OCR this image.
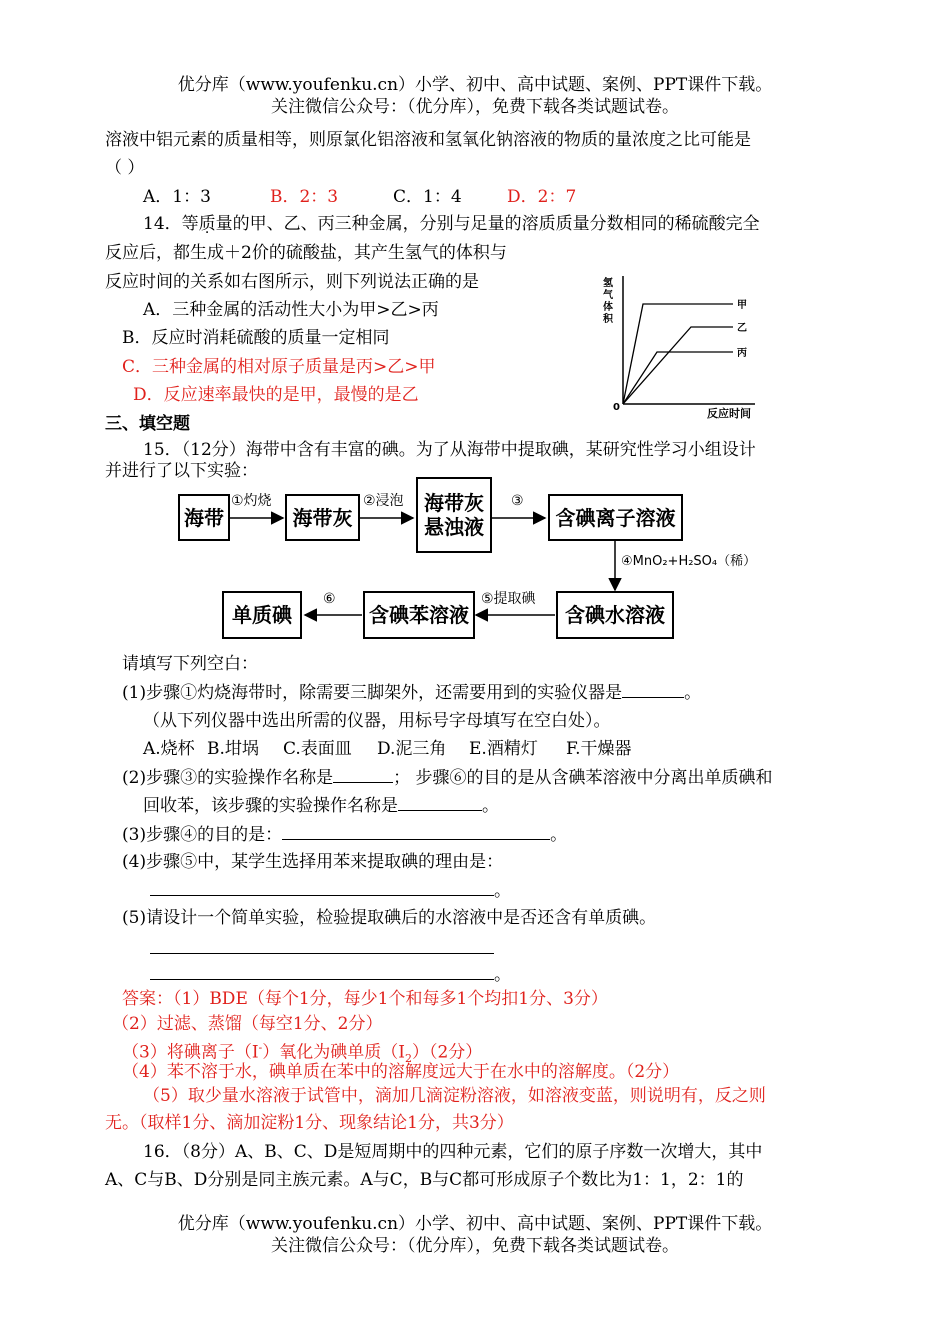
优分库（www.youfenku.cn）小学、初中、高中试题、案例、PPT课件下载。
关注微信公众号：（优分库），免费下载各类试题试卷。
溶液中铝元素的质量相等，则原氯化铝溶液和氢氧化钠溶液的物质的量浓度之比可能是
（ ）
A．1：3	B．2：3	C．1：4	D．2：7
14．等质量的甲、乙、丙三种金属，分别与足量的溶质质量分数相同的稀硫酸完全
反应后，都生成＋2价的硫酸盐，其产生氢气的体积与
反应时间的关系如右图所示，则下列说法正确的是
A．三种金属的活动性大小为甲>乙>丙
B．反应时消耗硫酸的质量一定相同
C．三种金属的相对原子质量是丙>乙>甲
D．反应速率最快的是甲，最慢的是乙
氢
气
体
积
0	反应时间
甲
乙
丙
三、填空题
15．（12分）海带中含有丰富的碘。为了从海带中提取碘，某研究性学习小组设计
并进行了以下实验：
海带
①灼烧
海带灰
②浸泡 海带灰
悬浊液
③
含碘离子溶液
④MnO₂+H₂SO₄（稀）
含碘水溶液
⑤提取碘
含碘苯溶液
⑥
单质碘
请填写下列空白：
(1)步骤①灼烧海带时，除需要三脚架外，还需要用到的实验仪器是	。
（从下列仪器中选出所需的仪器，用标号字母填写在空白处）。
A.烧杯 B.坩埚 C.表面皿 D.泥三角 E.酒精灯 F.干燥器
(2)步骤③的实验操作名称是	； 步骤⑥的目的是从含碘苯溶液中分离出单质碘和
回收苯，该步骤的实验操作名称是	。
(3)步骤④的目的是：	。
(4)步骤⑤中，某学生选择用苯来提取碘的理由是：
。
(5)请设计一个简单实验，检验提取碘后的水溶液中是否还含有单质碘。
。
答案：（1）BDE（每个1分，每少1个和每多1个均扣1分、3分）
（2）过滤、蒸馏（每空1分、2分）
（3）将碘离子（I-）氧化为碘单质$(I_2)(2$分）
（4）苯不溶于水，碘单质在苯中的溶解度远大于在水中的溶解度。（2分）
（5）取少量水溶液于试管中，滴加几滴淀粉溶液，如溶液变蓝，则说明有，反之则
无。（取样1分、滴加淀粉1分、现象结论1分，共3分）
16．（8分）A、B、C、D是短周期中的四种元素，它们的原子序数一次增大，其中
A、C与B、D分别是同主族元素。A与C，B与C都可形成原子个数比为1：1，2：1的
优分库（www.youfenku.cn）小学、初中、高中试题、案例、PPT课件下载。
关注微信公众号：（优分库），免费下载各类试题试卷。
